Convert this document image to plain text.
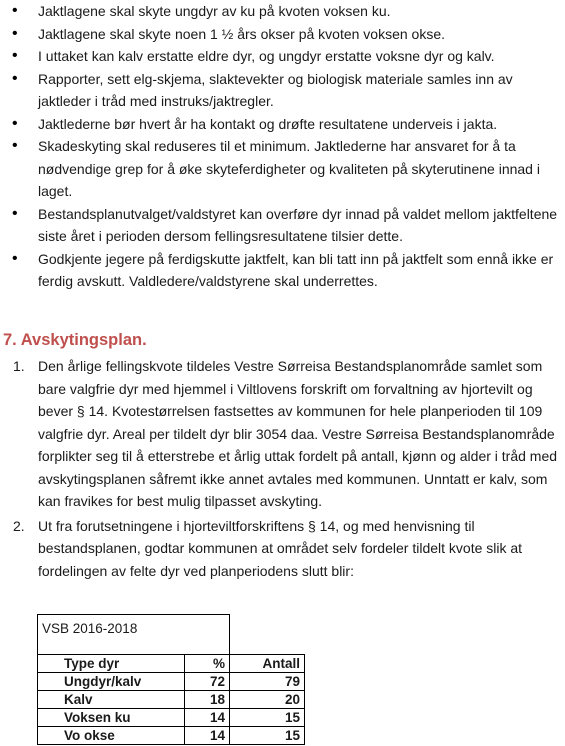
• Jaktlagene skal skyte ungdyr av ku på kvoten voksen ku.
• Jaktlagene skal skyte noen 1 ½ års okser på kvoten voksen okse.
• I uttaket kan kalv erstatte eldre dyr, og ungdyr erstatte voksne dyr og kalv.
• Rapporter, sett elg-skjema, slaktevekter og biologisk materiale samles inn av jaktleder i tråd med instruks/jaktregler.
• Jaktlederne bør hvert år ha kontakt og drøfte resultatene underveis i jakta.
• Skadeskyting skal reduseres til et minimum. Jaktlederne har ansvaret for å ta nødvendige grep for å øke skyteferdigheter og kvaliteten på skyterutinene innad i laget.
• Bestandsplanutvalget/valdstyret kan overføre dyr innad på valdet mellom jaktfeltene siste året i perioden dersom fellingsresultatene tilsier dette.
• Godkjente jegere på ferdigskutte jaktfelt, kan bli tatt inn på jaktfelt som ennå ikke er ferdig avskutt. Valdledere/valdstyrene skal underrettes.
7. Avskytingsplan.
1. Den årlige fellingskvote tildeles Vestre Sørreisa Bestandsplanområde samlet som bare valgfrie dyr med hjemmel i Viltlovens forskrift om forvaltning av hjortevilt og bever § 14. Kvotestørrelsen fastsettes av kommunen for hele planperioden til 109 valgfrie dyr. Areal per tildelt dyr blir 3054 daa. Vestre Sørreisa Bestandsplanområde forplikter seg til å etterstrebe et årlig uttak fordelt på antall, kjønn og alder i tråd med avskytingsplanen såfremt ikke annet avtales med kommunen. Unntatt er kalv, som kan fravikes for best mulig tilpasset avskyting.
2. Ut fra forutsetningene i hjorteviltforskriftens § 14, og med henvisning til bestandsplanen, godtar kommunen at området selv fordeler tildelt kvote slik at fordelingen av felte dyr ved planperiodens slutt blir:
VSB 2016-2018		
Type dyr	%	Antall
Ungdyr/kalv	72	79
Kalv	18	20
Voksen ku	14	15
Vo okse	14	15
